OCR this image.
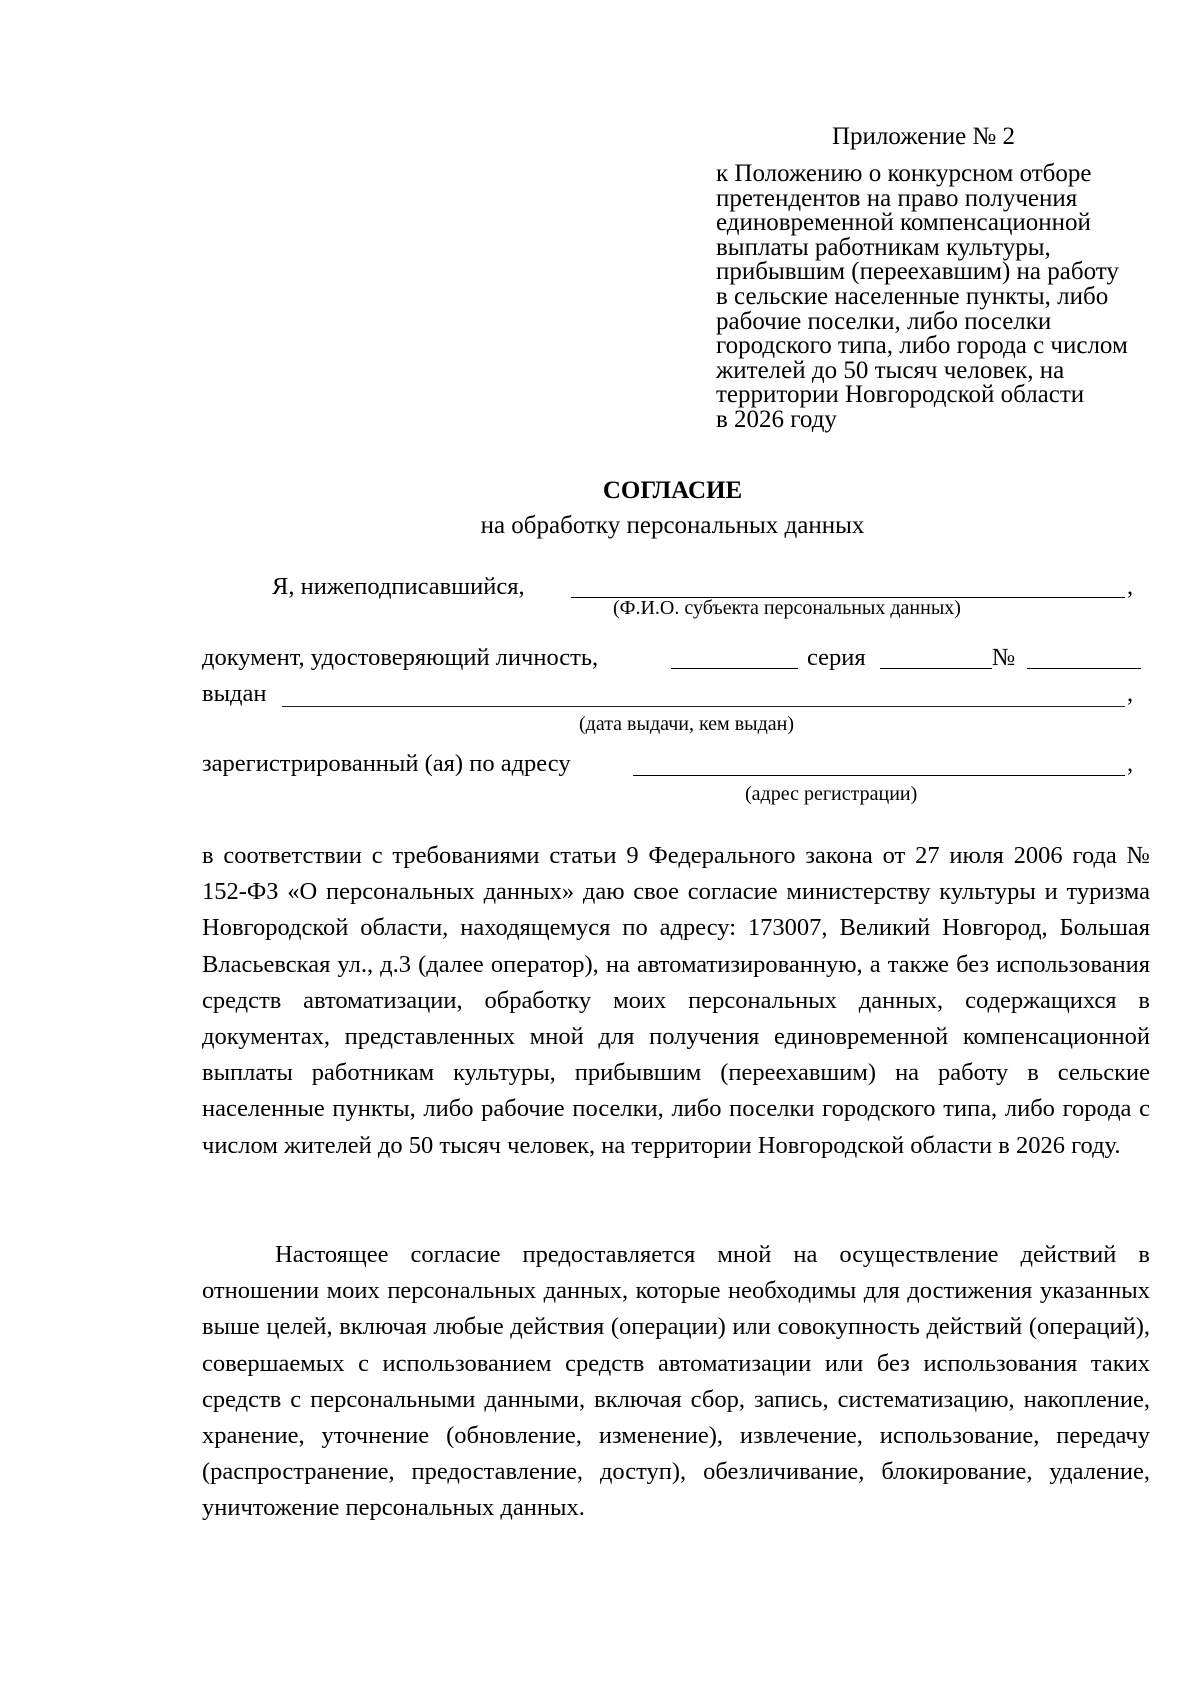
Приложение № 2
к Положению о конкурсном отборе
претендентов на право получения
единовременной компенсационной
выплаты работникам культуры,
прибывшим (переехавшим) на работу
в сельские населенные пункты, либо
рабочие поселки, либо поселки
городского типа, либо города с числом
жителей до 50 тысяч человек, на
территории Новгородской области
в 2026 году
СОГЛАСИЕ
на обработку персональных данных
Я, нижеподписавшийся,	,
(Ф.И.О. субъекта персональных данных)
документ, удостоверяющий личность,	серия	№
выдан	,
(дата выдачи, кем выдан)
зарегистрированный (ая) по адресу	,
(адрес регистрации)
в соответствии с требованиями статьи 9 Федерального закона от 27 июля 2006 года № 152-ФЗ «О персональных данных» даю свое согласие министерству культуры и туризма Новгородской области, находящемуся по адресу: 173007, Великий Новгород, Большая Власьевская ул., д.3 (далее оператор), на автоматизированную, а также без использования средств автоматизации, обработку моих персональных данных, содержащихся в документах, представленных мной для получения единовременной компенсационной выплаты работникам культуры, прибывшим (переехавшим) на работу в сельские населенные пункты, либо рабочие поселки, либо поселки городского типа, либо города с числом жителей до 50 тысяч человек, на территории Новгородской области в 2026 году.
Настоящее согласие предоставляется мной на осуществление действий в отношении моих персональных данных, которые необходимы для достижения указанных выше целей, включая любые действия (операции) или совокупность действий (операций), совершаемых с использованием средств автоматизации или без использования таких средств с персональными данными, включая сбор, запись, систематизацию, накопление, хранение, уточнение (обновление, изменение), извлечение, использование, передачу (распространение, предоставление, доступ), обезличивание, блокирование, удаление, уничтожение персональных данных.
